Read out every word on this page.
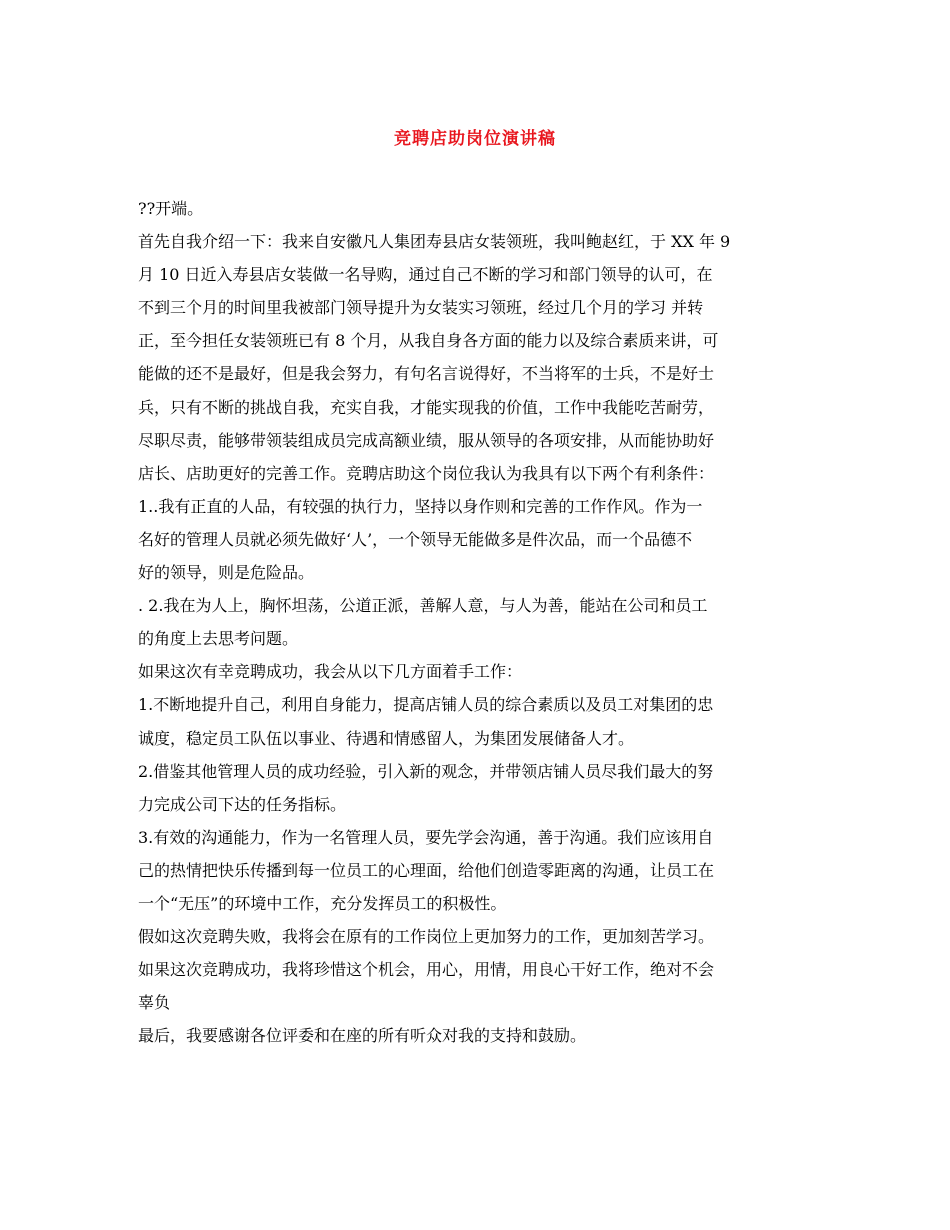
竞聘店助岗位演讲稿
??开端。
首先自我介绍一下：我来自安徽凡人集团寿县店女装领班，我叫鲍赵红，于 XX 年 9
月 10 日近入寿县店女装做一名导购，通过自己不断的学习和部门领导的认可，在
不到三个月的时间里我被部门领导提升为女装实习领班，经过几个月的学习 并转
正，至今担任女装领班已有 8 个月，从我自身各方面的能力以及综合素质来讲，可
能做的还不是最好，但是我会努力，有句名言说得好，不当将军的士兵，不是好士
兵，只有不断的挑战自我，充实自我，才能实现我的价值，工作中我能吃苦耐劳，
尽职尽责，能够带领装组成员完成高额业绩，服从领导的各项安排，从而能协助好
店长、店助更好的完善工作。竞聘店助这个岗位我认为我具有以下两个有利条件：
1..我有正直的人品，有较强的执行力，坚持以身作则和完善的工作作风。作为一
名好的管理人员就必须先做好‘人’，一个领导无能做多是件次品，而一个品德不
好的领导，则是危险品。
. 2.我在为人上，胸怀坦荡，公道正派，善解人意，与人为善，能站在公司和员工
的角度上去思考问题。
如果这次有幸竞聘成功，我会从以下几方面着手工作：
1.不断地提升自己，利用自身能力，提高店铺人员的综合素质以及员工对集团的忠
诚度，稳定员工队伍以事业、待遇和情感留人，为集团发展储备人才。
2.借鉴其他管理人员的成功经验，引入新的观念，并带领店铺人员尽我们最大的努
力完成公司下达的任务指标。
3.有效的沟通能力，作为一名管理人员，要先学会沟通，善于沟通。我们应该用自
己的热情把快乐传播到每一位员工的心理面，给他们创造零距离的沟通，让员工在
一个“无压”的环境中工作，充分发挥员工的积极性。
假如这次竞聘失败，我将会在原有的工作岗位上更加努力的工作，更加刻苦学习。
如果这次竞聘成功，我将珍惜这个机会，用心，用情，用良心干好工作，绝对不会
辜负
最后，我要感谢各位评委和在座的所有听众对我的支持和鼓励。
